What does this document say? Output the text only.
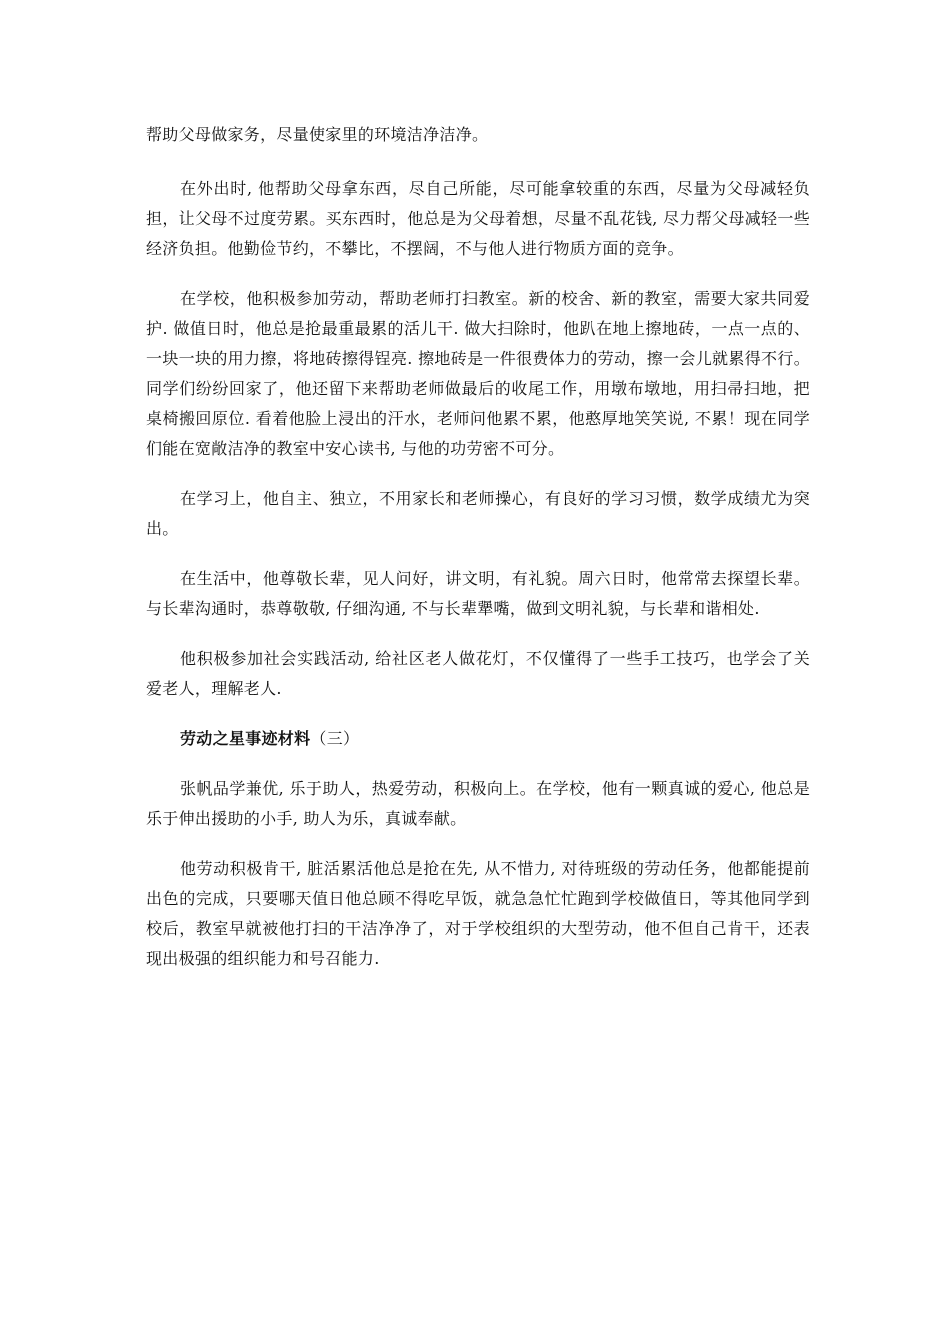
帮助父母做家务，尽量使家里的环境洁净洁净。

在外出时, 他帮助父母拿东西，尽自己所能，尽可能拿较重的东西，尽量为父母减轻负担，让父母不过度劳累。买东西时，他总是为父母着想，尽量不乱花钱, 尽力帮父母减轻一些经济负担。他勤俭节约，不攀比，不摆阔，不与他人进行物质方面的竞争。

在学校，他积极参加劳动，帮助老师打扫教室。新的校舍、新的教室，需要大家共同爱护. 做值日时，他总是抢最重最累的活儿干. 做大扫除时，他趴在地上擦地砖，一点一点的、一块一块的用力擦，将地砖擦得锃亮. 擦地砖是一件很费体力的劳动，擦一会儿就累得不行。同学们纷纷回家了，他还留下来帮助老师做最后的收尾工作，用墩布墩地，用扫帚扫地，把桌椅搬回原位. 看着他脸上浸出的汗水，老师问他累不累，他憨厚地笑笑说, 不累！现在同学们能在宽敞洁净的教室中安心读书, 与他的功劳密不可分。

在学习上，他自主、独立，不用家长和老师操心，有良好的学习习惯，数学成绩尤为突出。

在生活中，他尊敬长辈，见人问好，讲文明，有礼貌。周六日时，他常常去探望长辈。与长辈沟通时，恭尊敬敬, 仔细沟通, 不与长辈犟嘴，做到文明礼貌，与长辈和谐相处.

他积极参加社会实践活动, 给社区老人做花灯，不仅懂得了一些手工技巧，也学会了关爱老人，理解老人.

劳动之星事迹材料（三）

张帆品学兼优, 乐于助人，热爱劳动，积极向上。在学校，他有一颗真诚的爱心, 他总是乐于伸出援助的小手, 助人为乐，真诚奉献。

他劳动积极肯干, 脏活累活他总是抢在先, 从不惜力, 对待班级的劳动任务，他都能提前出色的完成，只要哪天值日他总顾不得吃早饭，就急急忙忙跑到学校做值日，等其他同学到校后，教室早就被他打扫的干洁净净了，对于学校组织的大型劳动，他不但自己肯干，还表现出极强的组织能力和号召能力.
